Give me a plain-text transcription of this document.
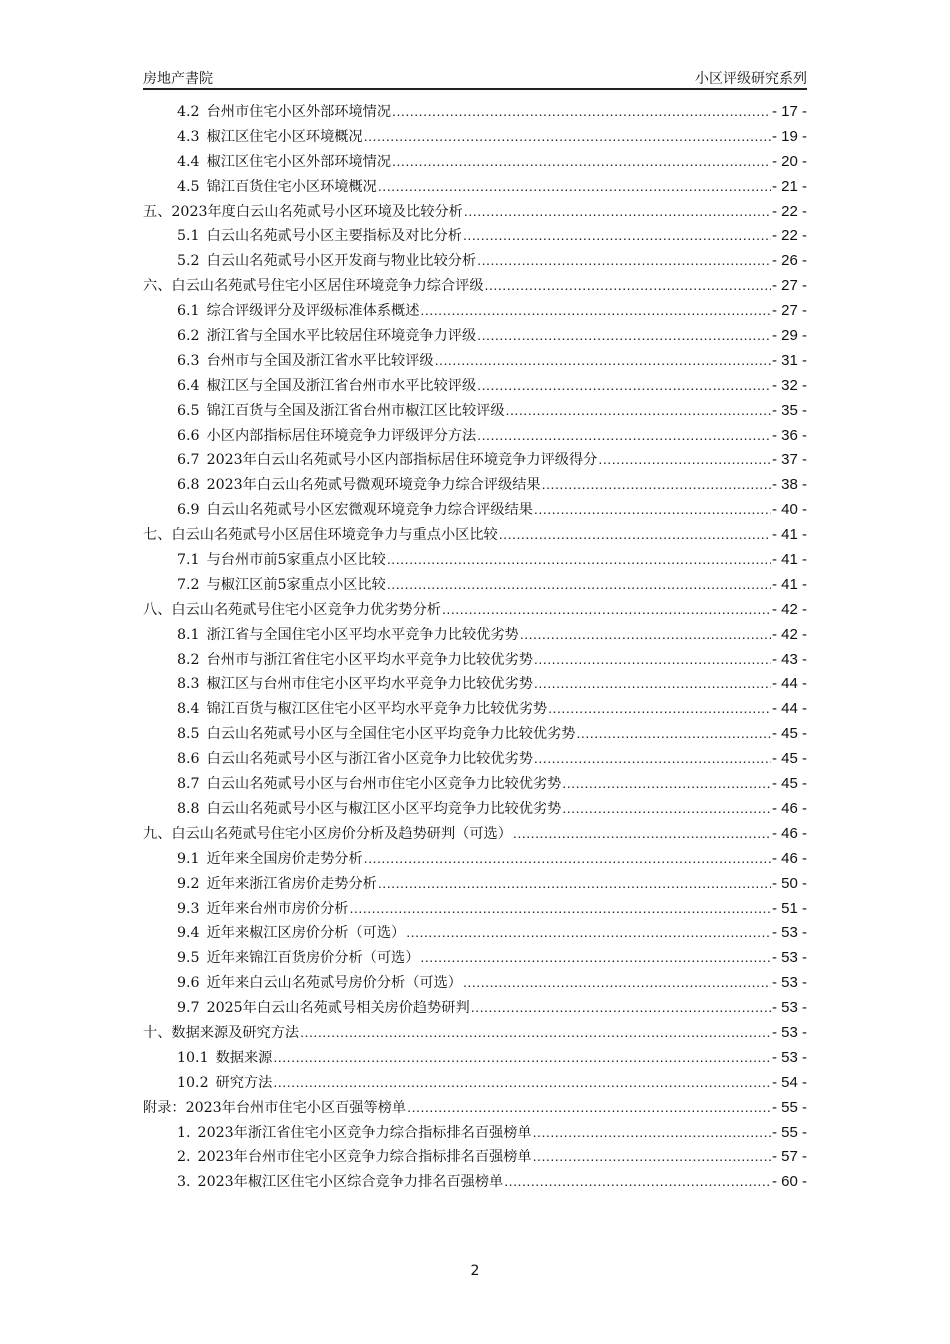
房地产書院	小区评级研究系列
4.2 台州市住宅小区外部环境情况 .....	- 17 -
4.3 椒江区住宅小区环境概况 .....	- 19 -
4.4 椒江区住宅小区外部环境情况 .....	- 20 -
4.5 锦江百货住宅小区环境概况 .....	- 21 -
五、 2023年度白云山名苑贰号小区环境及比较分析 .....	- 22 -
5.1 白云山名苑贰号小区主要指标及对比分析 .....	- 22 -
5.2 白云山名苑贰号小区开发商与物业比较分析 .....	- 26 -
六、 白云山名苑贰号住宅小区居住环境竞争力综合评级 .....	- 27 -
6.1 综合评级评分及评级标准体系概述 .....	- 27 -
6.2 浙江省与全国水平比较居住环境竞争力评级 .....	- 29 -
6.3 台州市与全国及浙江省水平比较评级 .....	- 31 -
6.4 椒江区与全国及浙江省台州市水平比较评级 .....	- 32 -
6.5 锦江百货与全国及浙江省台州市椒江区比较评级 .....	- 35 -
6.6 小区内部指标居住环境竞争力评级评分方法 .....	- 36 -
6.7 2023年白云山名苑贰号小区内部指标居住环境竞争力评级得分 .....	- 37 -
6.8 2023年白云山名苑贰号微观环境竞争力综合评级结果 .....	- 38 -
6.9 白云山名苑贰号小区宏微观环境竞争力综合评级结果 .....	- 40 -
七、 白云山名苑贰号小区居住环境竞争力与重点小区比较 .....	- 41 -
7.1 与台州市前5家重点小区比较 .....	- 41 -
7.2 与椒江区前5家重点小区比较 .....	- 41 -
八、 白云山名苑贰号住宅小区竞争力优劣势分析 .....	- 42 -
8.1 浙江省与全国住宅小区平均水平竞争力比较优劣势 .....	- 42 -
8.2 台州市与浙江省住宅小区平均水平竞争力比较优劣势 .....	- 43 -
8.3 椒江区与台州市住宅小区平均水平竞争力比较优劣势 .....	- 44 -
8.4 锦江百货与椒江区住宅小区平均水平竞争力比较优劣势 .....	- 44 -
8.5 白云山名苑贰号小区与全国住宅小区平均竞争力比较优劣势 .....	- 45 -
8.6 白云山名苑贰号小区与浙江省小区竞争力比较优劣势 .....	- 45 -
8.7 白云山名苑贰号小区与台州市住宅小区竞争力比较优劣势 .....	- 45 -
8.8 白云山名苑贰号小区与椒江区小区平均竞争力比较优劣势 .....	- 46 -
九、 白云山名苑贰号住宅小区房价分析及趋势研判（可选） .....	- 46 -
9.1 近年来全国房价走势分析 .....	- 46 -
9.2 近年来浙江省房价走势分析 .....	- 50 -
9.3 近年来台州市房价分析 .....	- 51 -
9.4 近年来椒江区房价分析（可选） .....	- 53 -
9.5 近年来锦江百货房价分析（可选） .....	- 53 -
9.6 近年来白云山名苑贰号房价分析（可选） .....	- 53 -
9.7 2025年白云山名苑贰号相关房价趋势研判 .....	- 53 -
十、 数据来源及研究方法 .....	- 53 -
10.1 数据来源 .....	- 53 -
10.2 研究方法 .....	- 54 -
附录： 2023年台州市住宅小区百强等榜单 .....	- 55 -
1. 2023年浙江省住宅小区竞争力综合指标排名百强榜单 .....	- 55 -
2. 2023年台州市住宅小区竞争力综合指标排名百强榜单 .....	- 57 -
3. 2023年椒江区住宅小区综合竞争力排名百强榜单 .....	- 60 -
2
